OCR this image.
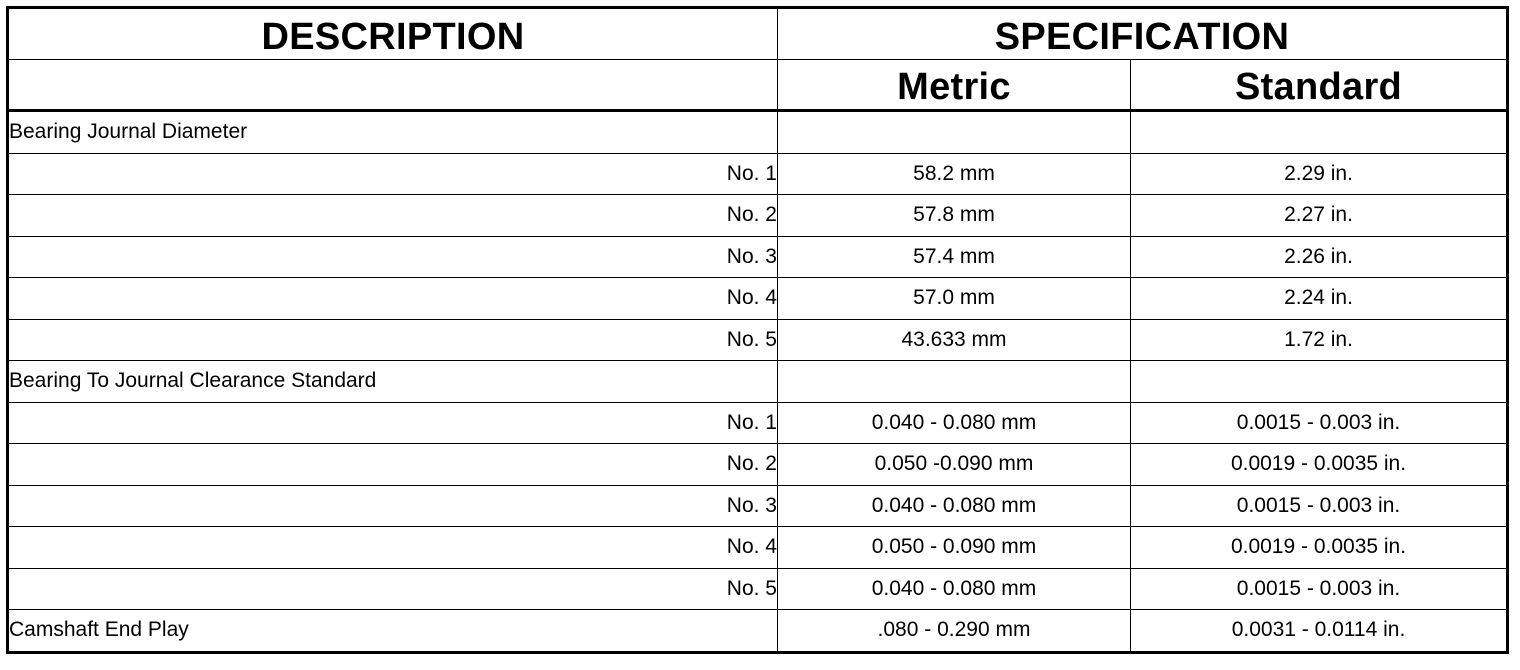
DESCRIPTION	SPECIFICATION	
	Metric	Standard
Bearing Journal Diameter		
No. 1	58.2 mm	2.29 in.
No. 2	57.8 mm	2.27 in.
No. 3	57.4 mm	2.26 in.
No. 4	57.0 mm	2.24 in.
No. 5	43.633 mm	1.72 in.
Bearing To Journal Clearance Standard		
No. 1	0.040 - 0.080 mm	0.0015 - 0.003 in.
No. 2	0.050 -0.090 mm	0.0019 - 0.0035 in.
No. 3	0.040 - 0.080 mm	0.0015 - 0.003 in.
No. 4	0.050 - 0.090 mm	0.0019 - 0.0035 in.
No. 5	0.040 - 0.080 mm	0.0015 - 0.003 in.
Camshaft End Play	.080 - 0.290 mm	0.0031 - 0.0114 in.
